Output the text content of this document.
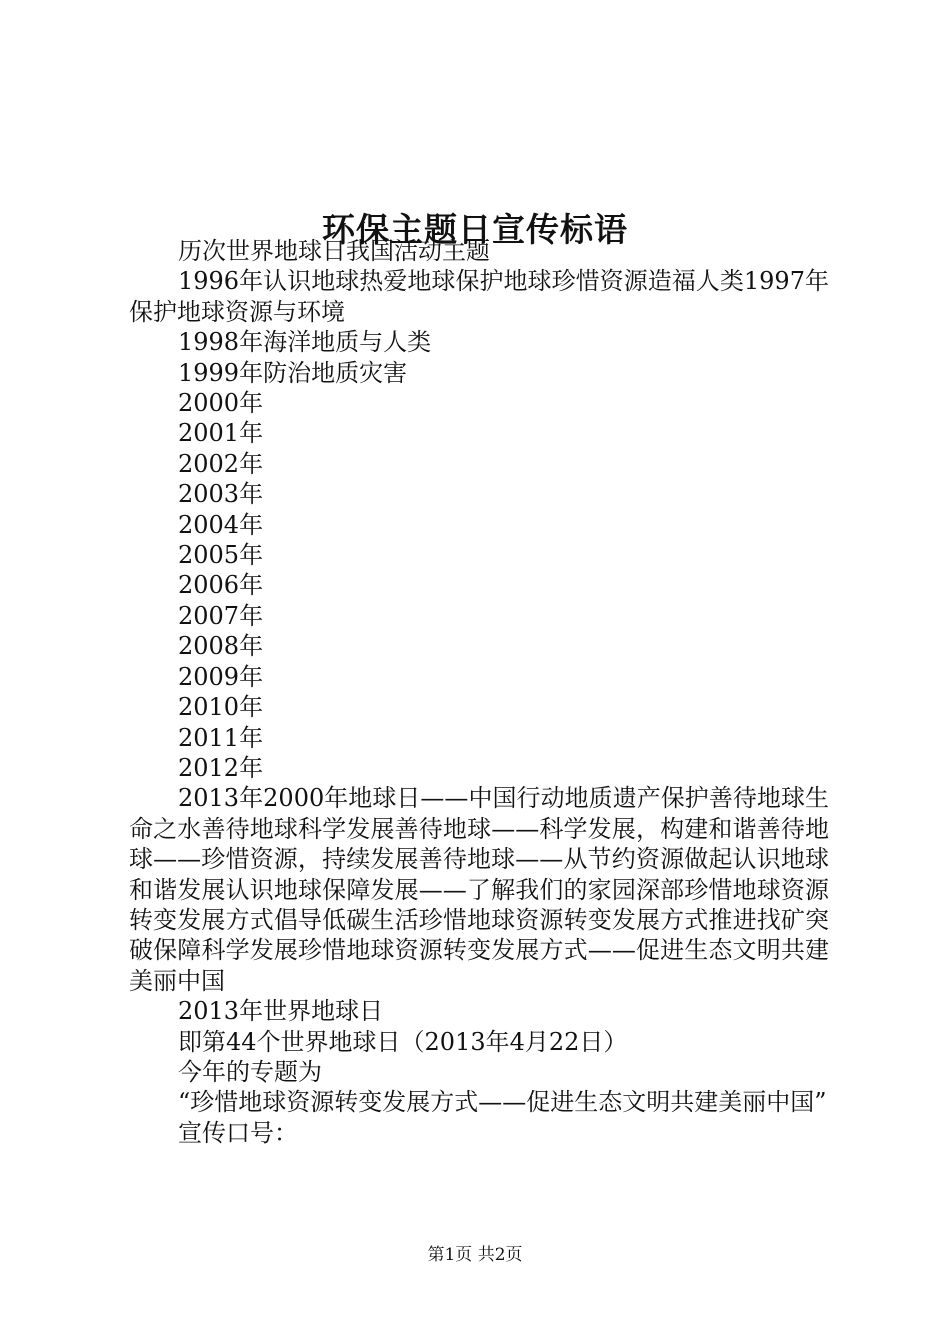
环保主题日宣传标语

历次世界地球日我国活动主题

1996年认识地球热爱地球保护地球珍惜资源造福人类1997年保护地球资源与环境

1998年海洋地质与人类

1999年防治地质灾害

2000年

2001年

2002年

2003年

2004年

2005年

2006年

2007年

2008年

2009年

2010年

2011年

2012年

2013年2000年地球日——中国行动地质遗产保护善待地球生命之水善待地球科学发展善待地球——科学发展，构建和谐善待地球——珍惜资源，持续发展善待地球——从节约资源做起认识地球和谐发展认识地球保障发展——了解我们的家园深部珍惜地球资源转变发展方式倡导低碳生活珍惜地球资源转变发展方式推进找矿突破保障科学发展珍惜地球资源转变发展方式——促进生态文明共建美丽中国

2013年世界地球日

即第44个世界地球日（2013年4月22日）

今年的专题为

“珍惜地球资源转变发展方式——促进生态文明共建美丽中国”

宣传口号：

第1页 共2页
